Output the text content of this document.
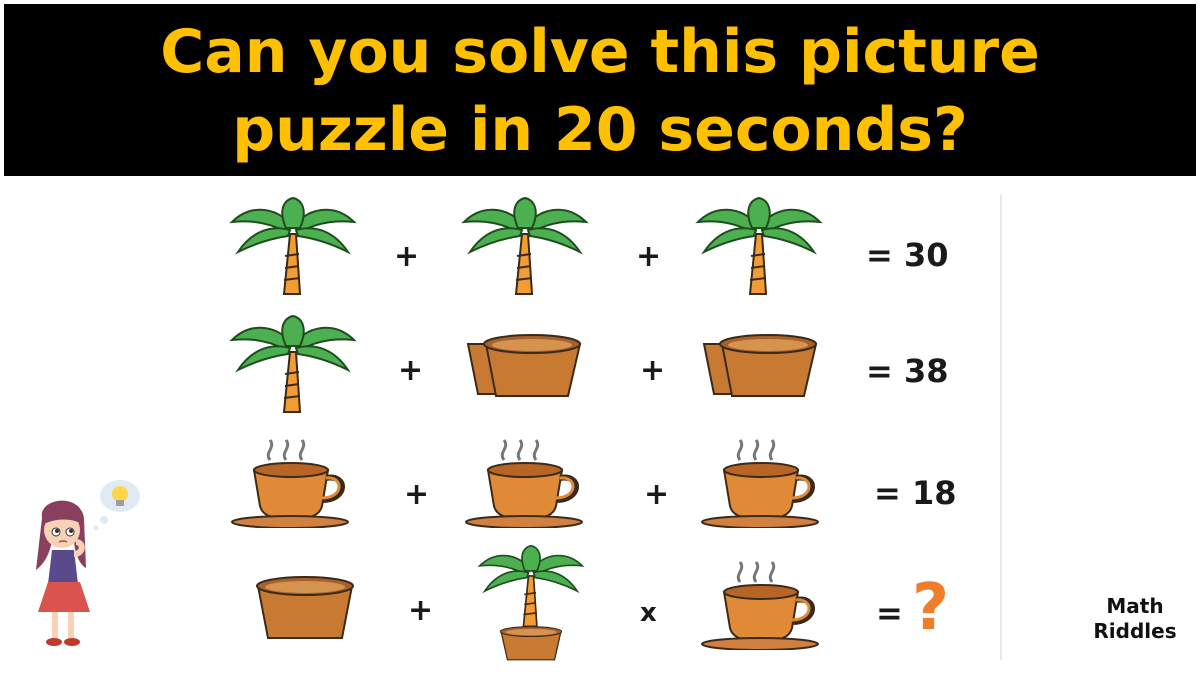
Can you solve this picture
puzzle in 20 seconds?
+	+	= 30
+	+	= 38
+	+	= 18
+	x	= ?	Math
Riddles
